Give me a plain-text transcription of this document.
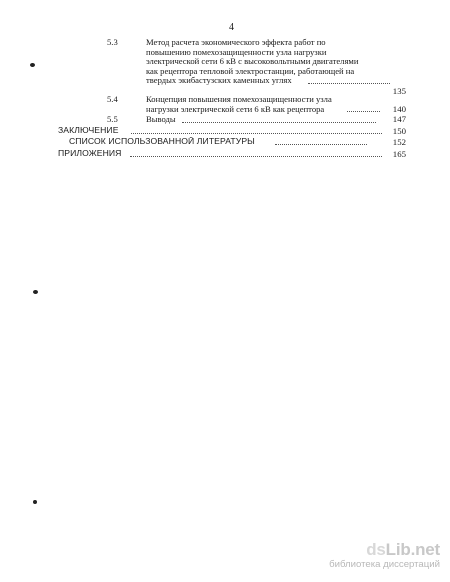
4
5.3	Метод расчета экономического эффекта работ по
повышению помехозащищенности узла нагрузки
электрической сети 6 кВ с высоковольтными двигателями
как рецептора тепловой электростанции, работающей на
твердых экибастузских каменных углях
135
5.4	Концепция повышения помехозащищенности узла
нагрузки электрической сети 6 кВ как рецептора	140
5.5	Выводы	147
ЗАКЛЮЧЕНИЕ	150
СПИСОК ИСПОЛЬЗОВАННОЙ ЛИТЕРАТУРЫ	152
ПРИЛОЖЕНИЯ	165
dsLib.net
библиотека диссертаций
